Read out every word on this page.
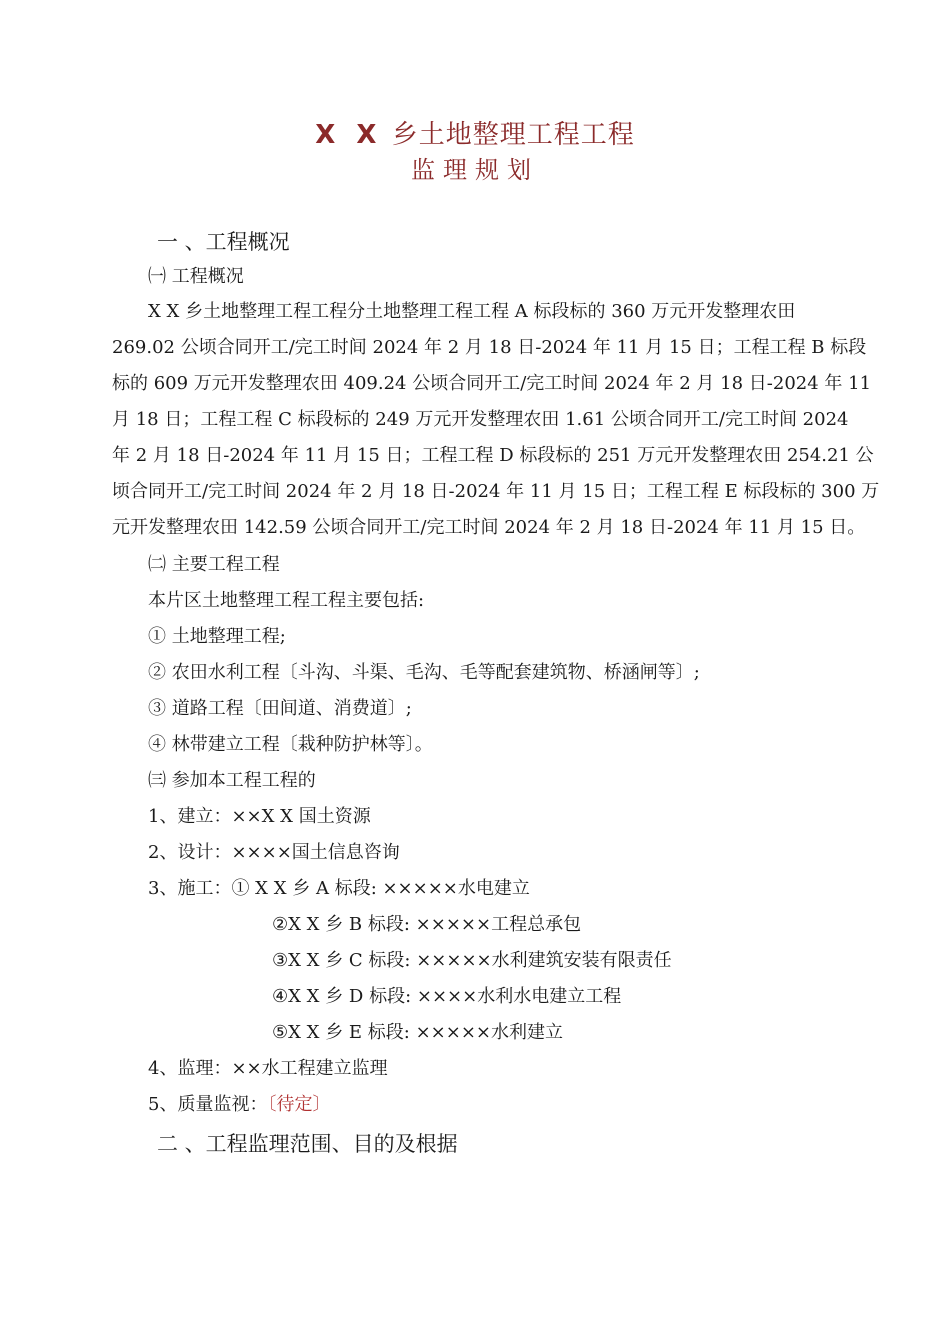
X X 乡土地整理工程工程
监理规划
一 、工程概况
㈠ 工程概况
X X 乡土地整理工程工程分土地整理工程工程 A 标段标的 360 万元开发整理农田
269.02 公顷合同开工/完工时间 2024 年 2 月 18 日-2024 年 11 月 15 日；工程工程 B 标段
标的 609 万元开发整理农田 409.24 公顷合同开工/完工时间 2024 年 2 月 18 日-2024 年 11
月 18 日；工程工程 C 标段标的 249 万元开发整理农田 1.61 公顷合同开工/完工时间 2024
年 2 月 18 日-2024 年 11 月 15 日；工程工程 D 标段标的 251 万元开发整理农田 254.21 公
顷合同开工/完工时间 2024 年 2 月 18 日-2024 年 11 月 15 日；工程工程 E 标段标的 300 万
元开发整理农田 142.59 公顷合同开工/完工时间 2024 年 2 月 18 日-2024 年 11 月 15 日。
㈡ 主要工程工程
本片区土地整理工程工程主要包括:
① 土地整理工程;
② 农田水利工程〔斗沟、斗渠、毛沟、毛等配套建筑物、桥涵闸等〕;
③ 道路工程〔田间道、消费道〕;
④ 林带建立工程〔栽种防护林等〕。
㈢ 参加本工程工程的
1、建立：××X X 国土资源
2、设计：××××国土信息咨询
3、施工：① X X 乡 A 标段: ×××××水电建立
②X X 乡 B 标段: ×××××工程总承包
③X X 乡 C 标段: ×××××水利建筑安装有限责任
④X X 乡 D 标段: ××××水利水电建立工程
⑤X X 乡 E 标段: ×××××水利建立
4、监理：××水工程建立监理
5、质量监视：〔待定〕
二 、工程监理范围、目的及根据
